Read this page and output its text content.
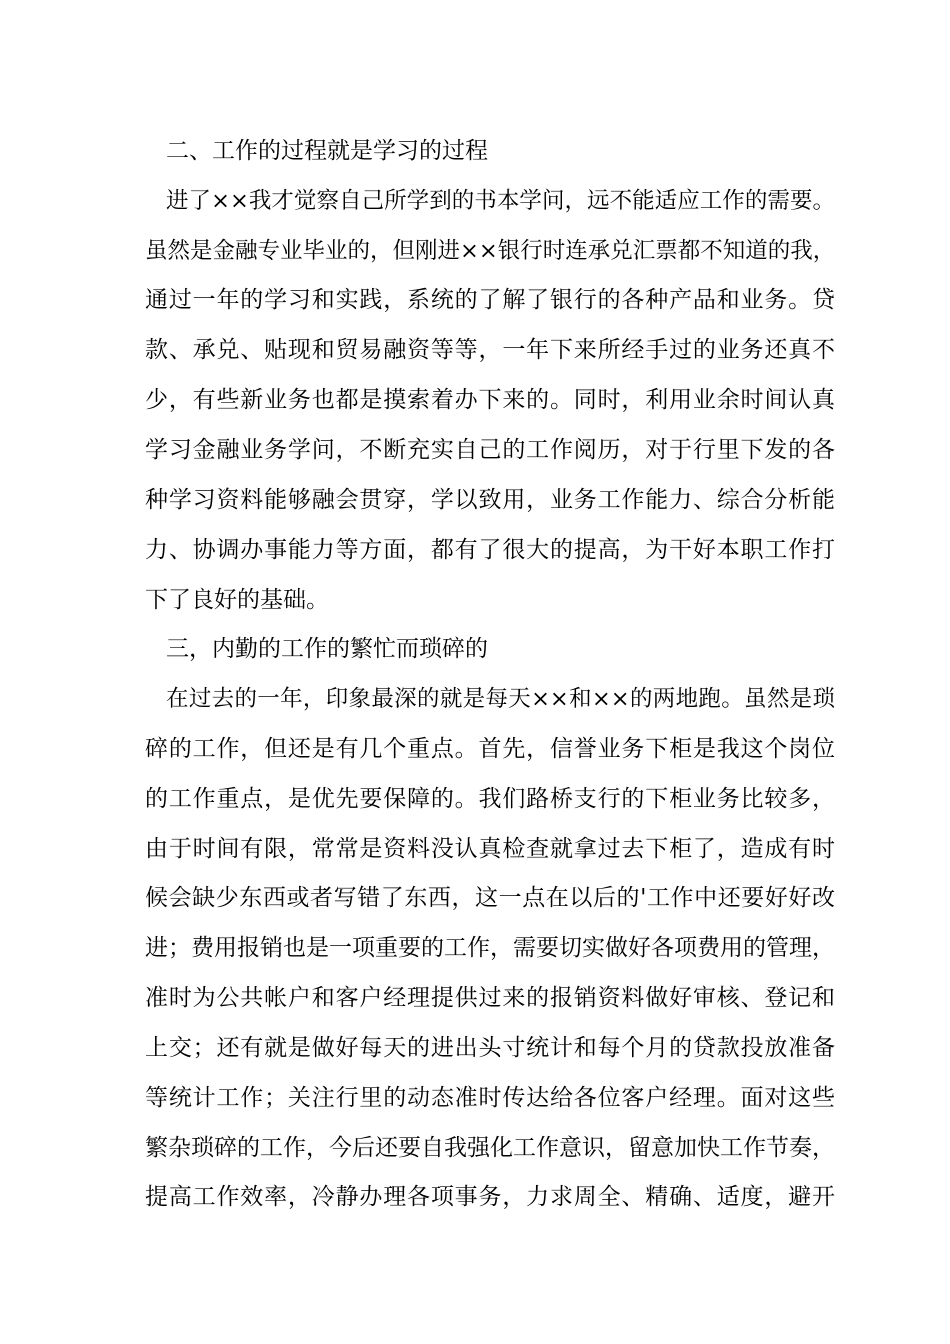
二、工作的过程就是学习的过程
进了××我才觉察自己所学到的书本学问，远不能适应工作的需要。
虽然是金融专业毕业的，但刚进××银行时连承兑汇票都不知道的我，
通过一年的学习和实践，系统的了解了银行的各种产品和业务。贷
款、承兑、贴现和贸易融资等等，一年下来所经手过的业务还真不
少，有些新业务也都是摸索着办下来的。同时，利用业余时间认真
学习金融业务学问，不断充实自己的工作阅历，对于行里下发的各
种学习资料能够融会贯穿，学以致用，业务工作能力、综合分析能
力、协调办事能力等方面，都有了很大的提高，为干好本职工作打
下了良好的基础。
三，内勤的工作的繁忙而琐碎的
在过去的一年，印象最深的就是每天××和××的两地跑。虽然是琐
碎的工作，但还是有几个重点。首先，信誉业务下柜是我这个岗位
的工作重点，是优先要保障的。我们路桥支行的下柜业务比较多，
由于时间有限，常常是资料没认真检查就拿过去下柜了，造成有时
候会缺少东西或者写错了东西，这一点在以后的'工作中还要好好改
进；费用报销也是一项重要的工作，需要切实做好各项费用的管理，
准时为公共帐户和客户经理提供过来的报销资料做好审核、登记和
上交；还有就是做好每天的进出头寸统计和每个月的贷款投放准备
等统计工作；关注行里的动态准时传达给各位客户经理。面对这些
繁杂琐碎的工作，今后还要自我强化工作意识，留意加快工作节奏，
提高工作效率，冷静办理各项事务，力求周全、精确、适度，避开
